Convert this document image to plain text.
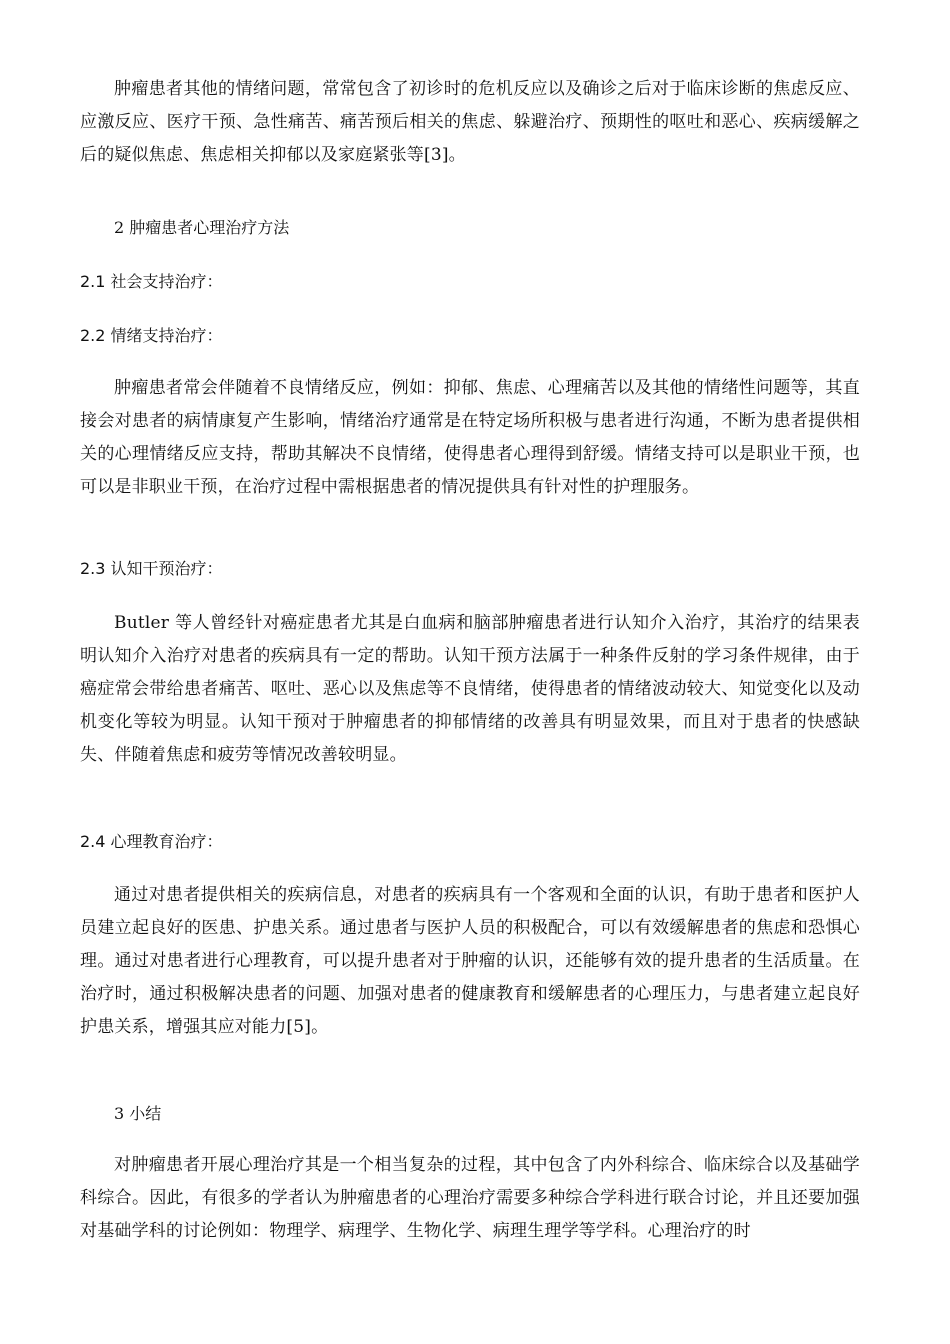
肿瘤患者其他的情绪问题，常常包含了初诊时的危机反应以及确诊之后对于临床诊断的焦虑反应、应激反应、医疗干预、急性痛苦、痛苦预后相关的焦虑、躲避治疗、预期性的呕吐和恶心、疾病缓解之后的疑似焦虑、焦虑相关抑郁以及家庭紧张等[3]。

2 肿瘤患者心理治疗方法

2.1 社会支持治疗：

2.2 情绪支持治疗：

肿瘤患者常会伴随着不良情绪反应，例如：抑郁、焦虑、心理痛苦以及其他的情绪性问题等，其直接会对患者的病情康复产生影响，情绪治疗通常是在特定场所积极与患者进行沟通，不断为患者提供相关的心理情绪反应支持，帮助其解决不良情绪，使得患者心理得到舒缓。情绪支持可以是职业干预，也可以是非职业干预，在治疗过程中需根据患者的情况提供具有针对性的护理服务。

2.3 认知干预治疗：

Butler 等人曾经针对癌症患者尤其是白血病和脑部肿瘤患者进行认知介入治疗，其治疗的结果表明认知介入治疗对患者的疾病具有一定的帮助。认知干预方法属于一种条件反射的学习条件规律，由于癌症常会带给患者痛苦、呕吐、恶心以及焦虑等不良情绪，使得患者的情绪波动较大、知觉变化以及动机变化等较为明显。认知干预对于肿瘤患者的抑郁情绪的改善具有明显效果，而且对于患者的快感缺失、伴随着焦虑和疲劳等情况改善较明显。

2.4 心理教育治疗：

通过对患者提供相关的疾病信息，对患者的疾病具有一个客观和全面的认识，有助于患者和医护人员建立起良好的医患、护患关系。通过患者与医护人员的积极配合，可以有效缓解患者的焦虑和恐惧心理。通过对患者进行心理教育，可以提升患者对于肿瘤的认识，还能够有效的提升患者的生活质量。在治疗时，通过积极解决患者的问题、加强对患者的健康教育和缓解患者的心理压力，与患者建立起良好护患关系，增强其应对能力[5]。

3 小结

对肿瘤患者开展心理治疗其是一个相当复杂的过程，其中包含了内外科综合、临床综合以及基础学科综合。因此，有很多的学者认为肿瘤患者的心理治疗需要多种综合学科进行联合讨论，并且还要加强对基础学科的讨论例如：物理学、病理学、生物化学、病理生理学等学科。心理治疗的时
